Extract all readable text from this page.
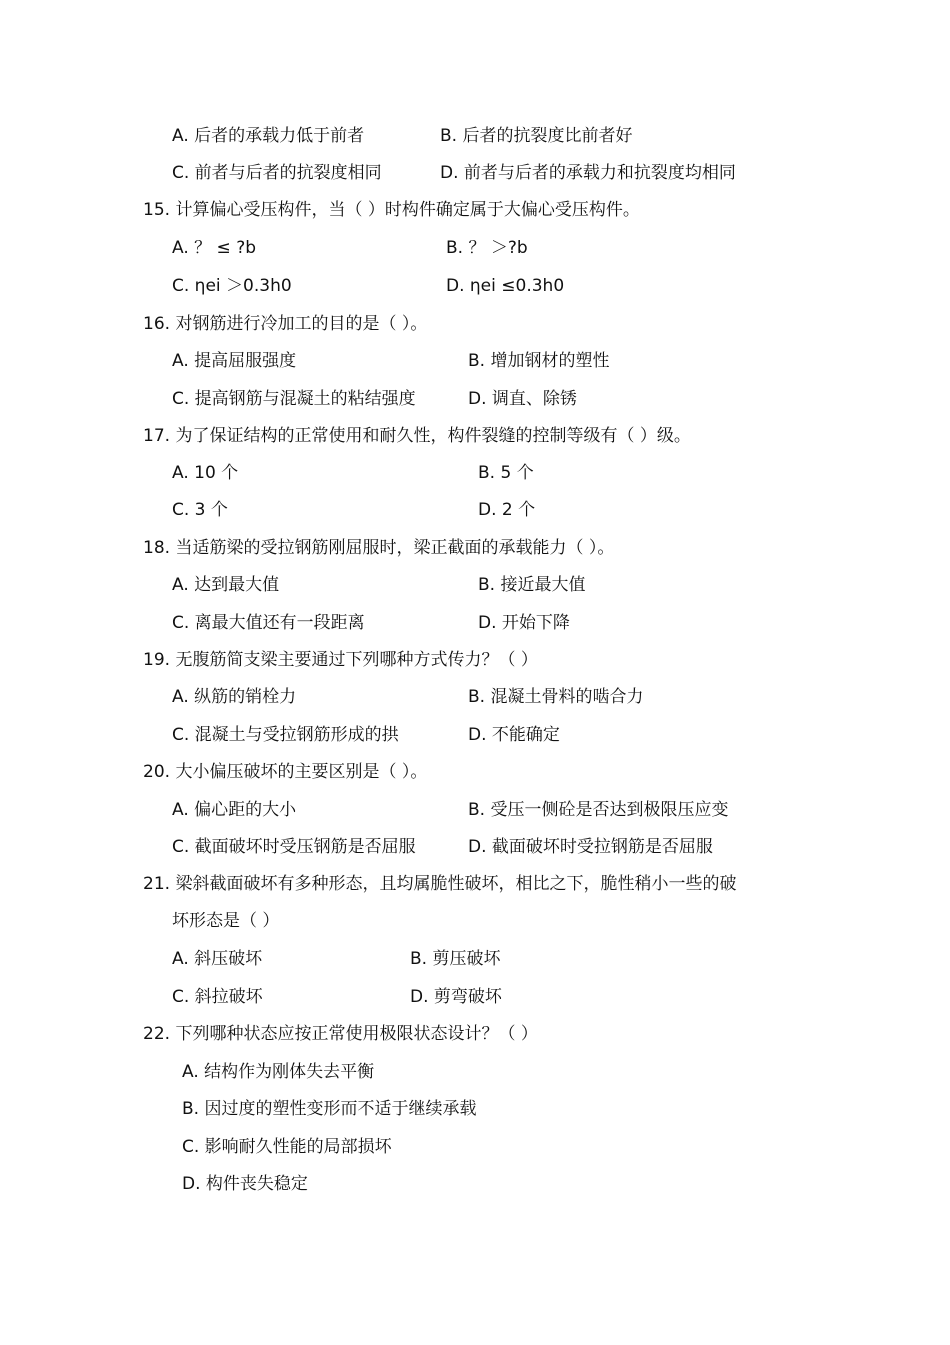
A. 后者的承载力低于前者	B. 后者的抗裂度比前者好
C. 前者与后者的抗裂度相同	D. 前者与后者的承载力和抗裂度均相同
15. 计算偏心受压构件，当（ ）时构件确定属于大偏心受压构件。
A. ？ ≤ ?b	B. ？ ＞?b
C. ηei ＞0.3h0	D. ηei ≤0.3h0
16. 对钢筋进行冷加工的目的是（ ）。
A. 提高屈服强度	B. 增加钢材的塑性
C. 提高钢筋与混凝土的粘结强度	D. 调直、除锈
17. 为了保证结构的正常使用和耐久性，构件裂缝的控制等级有（ ）级。
A. 10 个	B. 5 个
C. 3 个	D. 2 个
18. 当适筋梁的受拉钢筋刚屈服时，梁正截面的承载能力（ ）。
A. 达到最大值	B. 接近最大值
C. 离最大值还有一段距离	D. 开始下降
19. 无腹筋简支梁主要通过下列哪种方式传力？（ ）
A. 纵筋的销栓力	B. 混凝土骨料的啮合力
C. 混凝土与受拉钢筋形成的拱	D. 不能确定
20. 大小偏压破坏的主要区别是（ ）。
A. 偏心距的大小	B. 受压一侧砼是否达到极限压应变
C. 截面破坏时受压钢筋是否屈服	D. 截面破坏时受拉钢筋是否屈服
21. 梁斜截面破坏有多种形态，且均属脆性破坏，相比之下，脆性稍小一些的破
坏形态是（ ）
A. 斜压破坏	B. 剪压破坏
C. 斜拉破坏	D. 剪弯破坏
22. 下列哪种状态应按正常使用极限状态设计？（ ）
A. 结构作为刚体失去平衡
B. 因过度的塑性变形而不适于继续承载
C. 影响耐久性能的局部损坏
D. 构件丧失稳定
